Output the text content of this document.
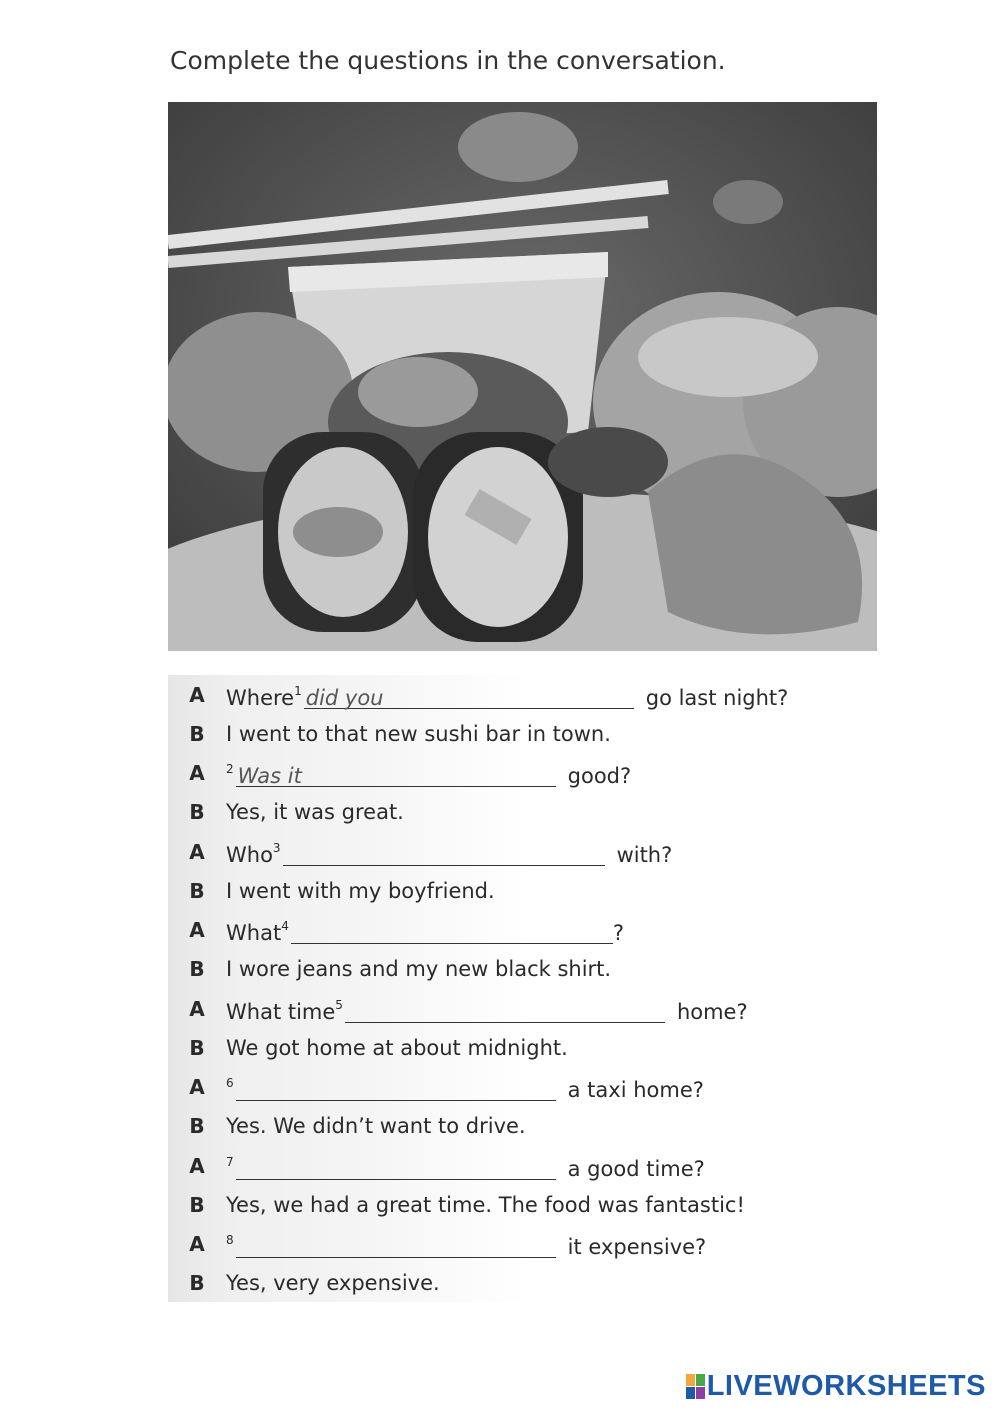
Complete the questions in the conversation.
A	Where 1 did you	go last night?
B	I went to that new sushi bar in town.
A	2 Was it	good?
B	Yes, it was great.
A	Who 3	with?
B	I went with my boyfriend.
A	What 4	?
B	I wore jeans and my new black shirt.
A	What time 5	home?
B	We got home at about midnight.
A	6	a taxi home?
B	Yes. We didn’t want to drive.
A	7	a good time?
B	Yes, we had a great time. The food was fantastic!
A	8	it expensive?
B	Yes, very expensive.
LIVEWORKSHEETS
